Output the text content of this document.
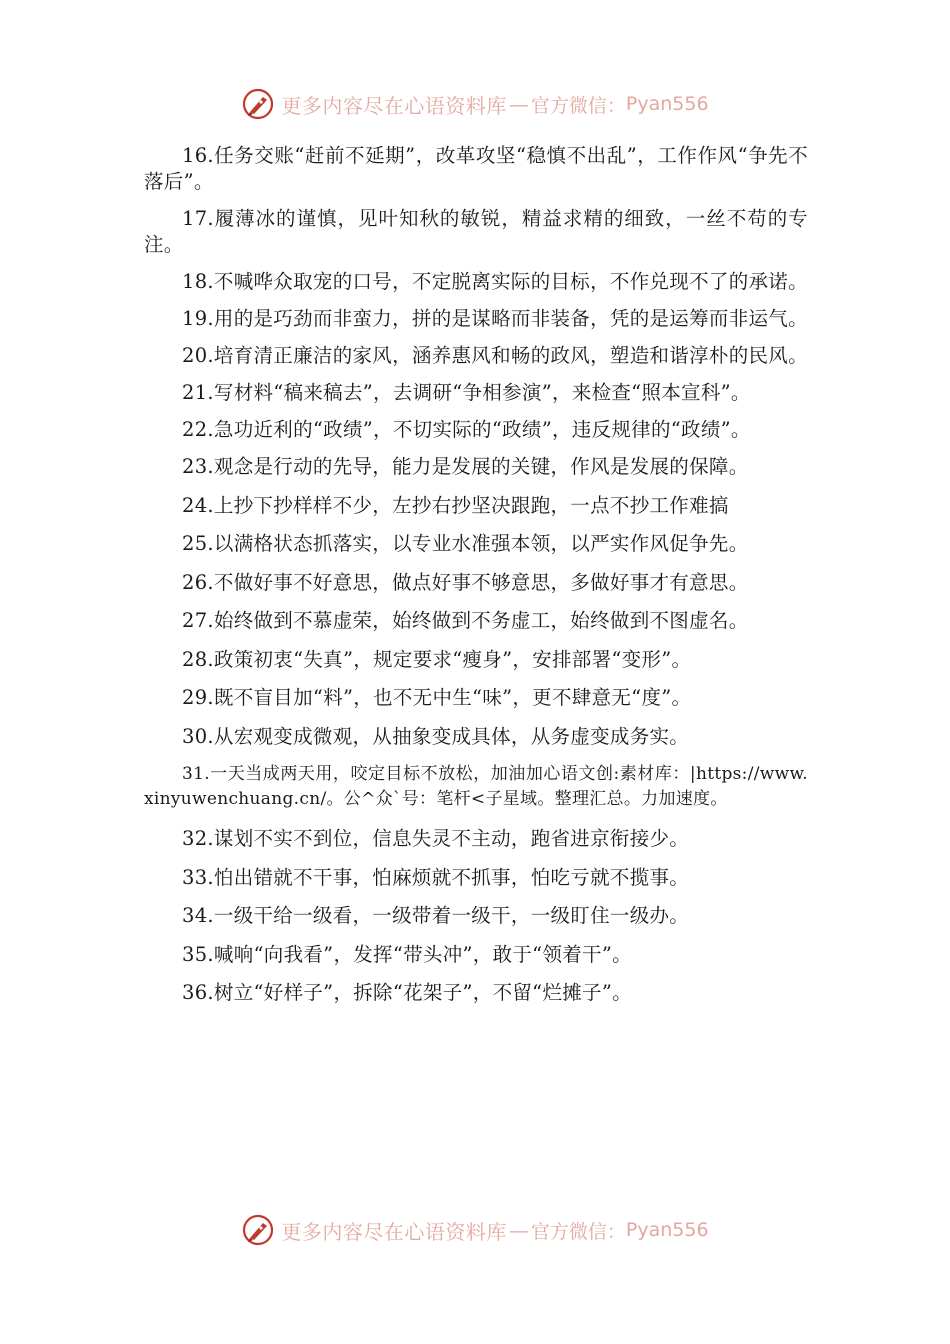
更多内容尽在心语资料库 — 官方微信： Pyan556

16.任务交账“赶前不延期”，改革攻坚“稳慎不出乱”，工作作风“争先不落后”。

17.履薄冰的谨慎，见叶知秋的敏锐，精益求精的细致，一丝不苟的专注。

18.不喊哗众取宠的口号，不定脱离实际的目标，不作兑现不了的承诺。

19.用的是巧劲而非蛮力，拼的是谋略而非装备，凭的是运筹而非运气。

20.培育清正廉洁的家风，涵养惠风和畅的政风，塑造和谐淳朴的民风。

21.写材料“稿来稿去”，去调研“争相参演”，来检查“照本宣科”。

22.急功近利的“政绩”，不切实际的“政绩”，违反规律的“政绩”。

23.观念是行动的先导，能力是发展的关键，作风是发展的保障。

24.上抄下抄样样不少，左抄右抄坚决跟跑，一点不抄工作难搞

25.以满格状态抓落实，以专业水准强本领，以严实作风促争先。

26.不做好事不好意思，做点好事不够意思，多做好事才有意思。

27.始终做到不慕虚荣，始终做到不务虚工，始终做到不图虚名。

28.政策初衷“失真”，规定要求“瘦身”，安排部署“变形”。

29.既不盲目加“料”，也不无中生“味”，更不肆意无“度”。

30.从宏观变成微观，从抽象变成具体，从务虚变成务实。

31.一天当成两天用，咬定目标不放松，加油加心语文创:素材库：|https://www.xinyuwenchuang.cn/。公^众`号：笔杆<子星域。整理汇总。力加速度。

32.谋划不实不到位，信息失灵不主动，跑省进京衔接少。

33.怕出错就不干事，怕麻烦就不抓事，怕吃亏就不揽事。

34.一级干给一级看，一级带着一级干，一级盯住一级办。

35.喊响“向我看”，发挥“带头冲”，敢于“领着干”。

36.树立“好样子”，拆除“花架子”，不留“烂摊子”。

更多内容尽在心语资料库 — 官方微信： Pyan556
